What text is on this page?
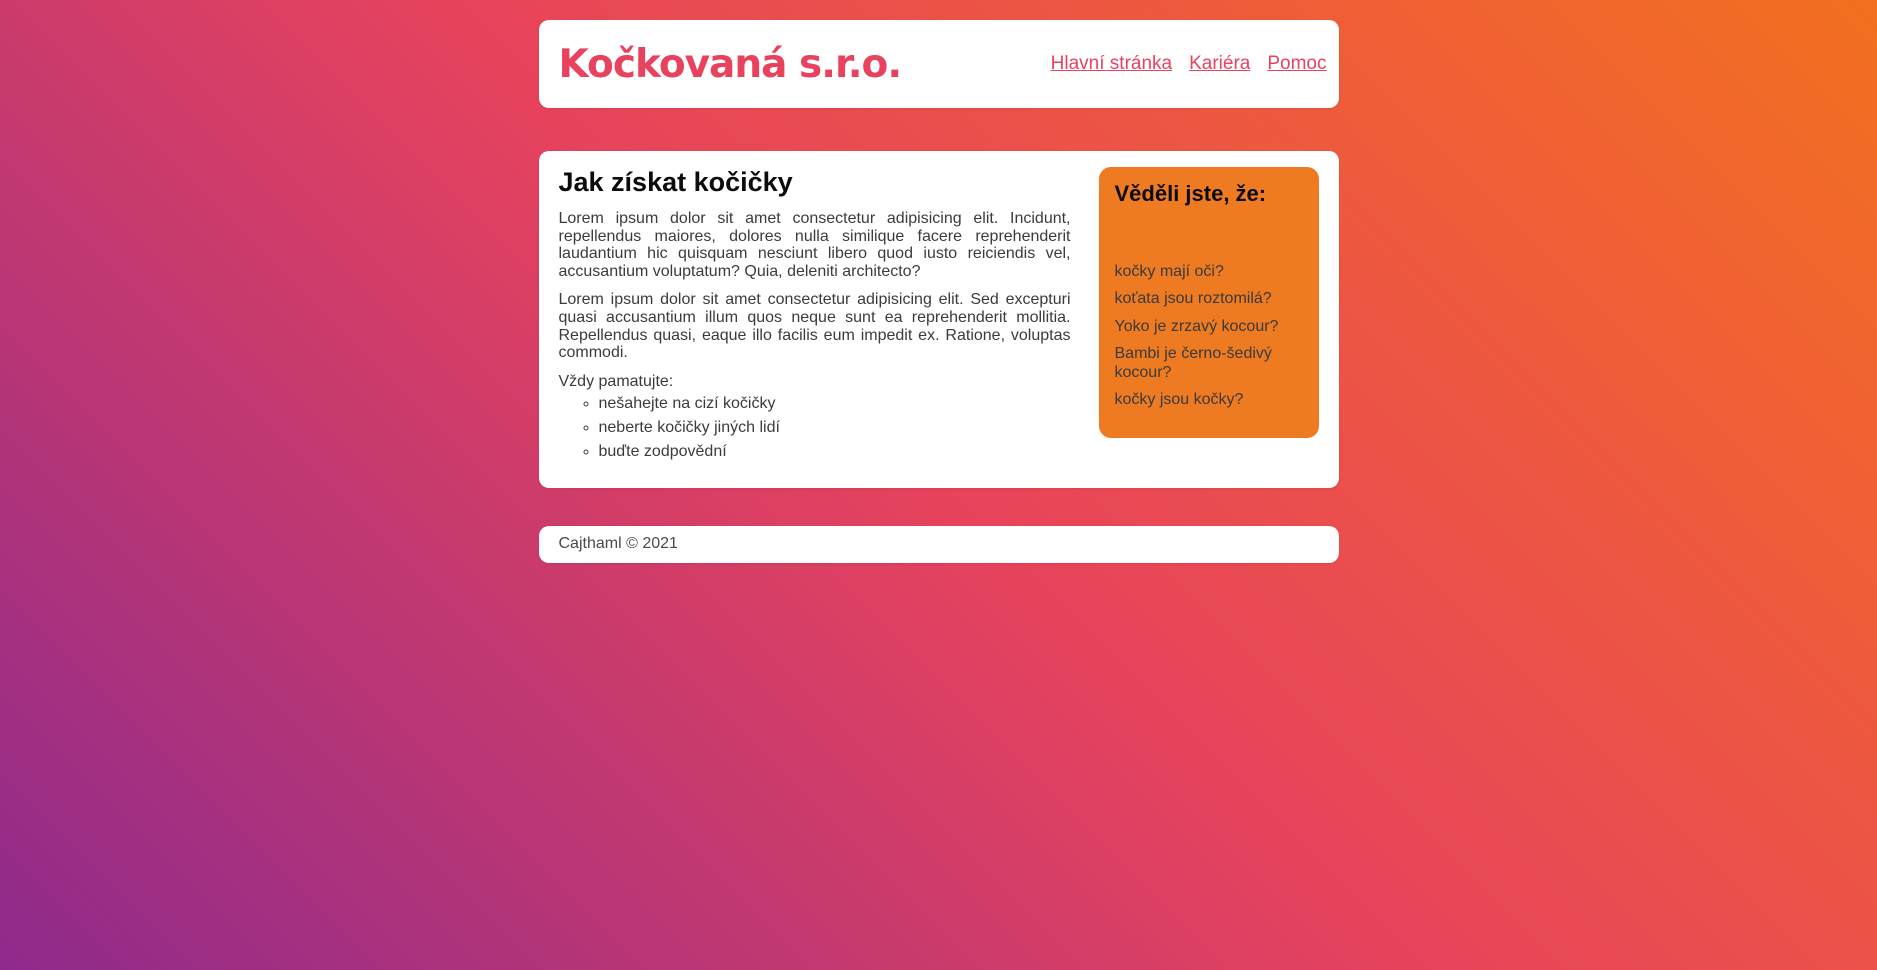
Kočkovaná s.r.o.	Hlavní stránka Kariéra Pomoc
Jak získat kočičky

Lorem ipsum dolor sit amet consectetur adipisicing elit. Incidunt, repellendus maiores, dolores nulla similique facere reprehenderit laudantium hic quisquam nesciunt libero quod iusto reiciendis vel, accusantium voluptatum? Quia, deleniti architecto?

Lorem ipsum dolor sit amet consectetur adipisicing elit. Sed excepturi quasi accusantium illum quos neque sunt ea reprehenderit mollitia. Repellendus quasi, eaque illo facilis eum impedit ex. Ratione, voluptas commodi.

Vždy pamatujte:

◦ nešahejte na cizí kočičky
◦ neberte kočičky jiných lidí
◦ buďte zodpovědní
Věděli jste, že:
kočky mají oči?
koťata jsou roztomilá?
Yoko je zrzavý kocour?
Bambi je černo-šedivý kocour?
kočky jsou kočky?
Cajthaml © 2021
